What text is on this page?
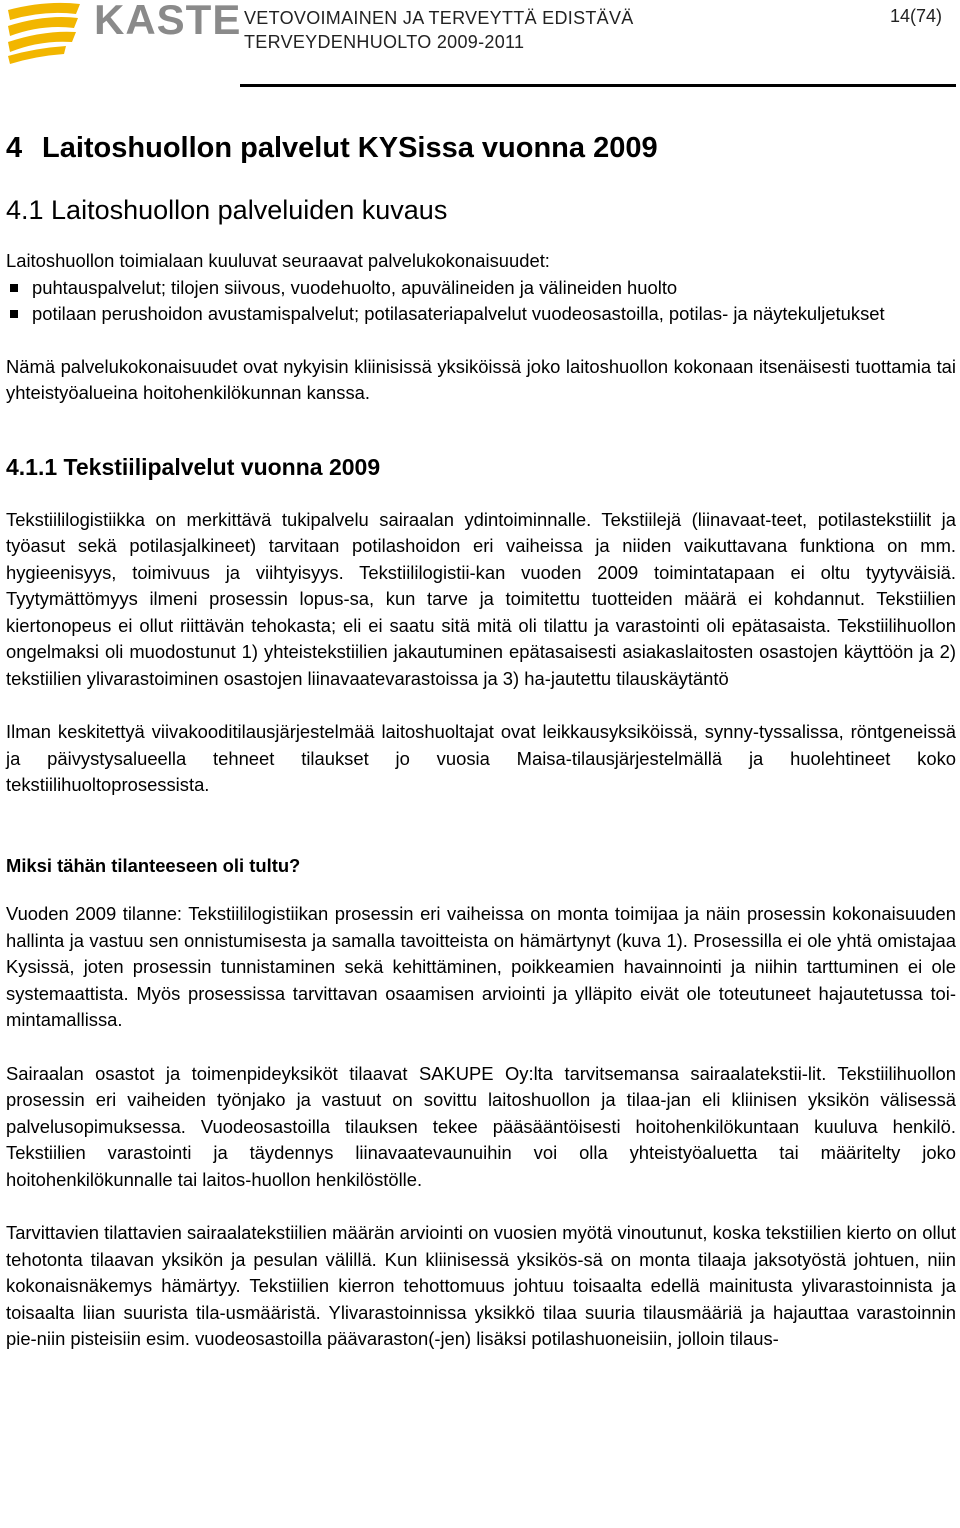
KASTE VETOVOIMAINEN JA TERVEYTTÄ EDISTÄVÄ
TERVEYDENHUOLTO 2009-2011
14(74)
4 Laitoshuollon palvelut KYSissa vuonna 2009
4.1 Laitoshuollon palveluiden kuvaus

Laitoshuollon toimialaan kuuluvat seuraavat palvelukokonaisuudet:

puhtauspalvelut; tilojen siivous, vuodehuolto, apuvälineiden ja välineiden huolto
potilaan perushoidon avustamispalvelut; potilasateriapalvelut vuodeosastoilla, potilas- ja näytekuljetukset

Nämä palvelukokonaisuudet ovat nykyisin kliinisissä yksiköissä joko laitoshuollon kokonaan itsenäisesti tuottamia tai yhteistyöalueina hoitohenkilökunnan kanssa.

4.1.1 Tekstiilipalvelut vuonna 2009

Tekstiililogistiikka on merkittävä tukipalvelu sairaalan ydintoiminnalle. Tekstiilejä (liinavaat-teet, potilastekstiilit ja työasut sekä potilasjalkineet) tarvitaan potilashoidon eri vaiheissa ja niiden vaikuttavana funktiona on mm. hygieenisyys, toimivuus ja viihtyisyys. Tekstiililogistii-kan vuoden 2009 toimintatapaan ei oltu tyytyväisiä. Tyytymättömyys ilmeni prosessin lopus-sa, kun tarve ja toimitettu tuotteiden määrä ei kohdannut. Tekstiilien kiertonopeus ei ollut riittävän tehokasta; eli ei saatu sitä mitä oli tilattu ja varastointi oli epätasaista. Tekstiilihuollon ongelmaksi oli muodostunut 1) yhteistekstiilien jakautuminen epätasaisesti asiakaslaitosten osastojen käyttöön ja 2) tekstiilien ylivarastoiminen osastojen liinavaatevarastoissa ja 3) ha-jautettu tilauskäytäntö

Ilman keskitettyä viivakooditilausjärjestelmää laitoshuoltajat ovat leikkausyksiköissä, synny-tyssalissa, röntgeneissä ja päivystysalueella tehneet tilaukset jo vuosia Maisa-tilausjärjestelmällä ja huolehtineet koko tekstiilihuoltoprosessista.

Miksi tähän tilanteeseen oli tultu?

Vuoden 2009 tilanne: Tekstiililogistiikan prosessin eri vaiheissa on monta toimijaa ja näin prosessin kokonaisuuden hallinta ja vastuu sen onnistumisesta ja samalla tavoitteista on hämärtynyt (kuva 1). Prosessilla ei ole yhtä omistajaa Kysissä, joten prosessin tunnistaminen sekä kehittäminen, poikkeamien havainnointi ja niihin tarttuminen ei ole systemaattista. Myös prosessissa tarvittavan osaamisen arviointi ja ylläpito eivät ole toteutuneet hajautetussa toi-mintamallissa.

Sairaalan osastot ja toimenpideyksiköt tilaavat SAKUPE Oy:lta tarvitsemansa sairaalatekstii-lit. Tekstiilihuollon prosessin eri vaiheiden työnjako ja vastuut on sovittu laitoshuollon ja tilaa-jan eli kliinisen yksikön välisessä palvelusopimuksessa. Vuodeosastoilla tilauksen tekee pääsääntöisesti hoitohenkilökuntaan kuuluva henkilö. Tekstiilien varastointi ja täydennys liinavaatevaunuihin voi olla yhteistyöaluetta tai määritelty joko hoitohenkilökunnalle tai laitos-huollon henkilöstölle.

Tarvittavien tilattavien sairaalatekstiilien määrän arviointi on vuosien myötä vinoutunut, koska tekstiilien kierto on ollut tehotonta tilaavan yksikön ja pesulan välillä. Kun kliinisessä yksikös-sä on monta tilaaja jaksotyöstä johtuen, niin kokonaisnäkemys hämärtyy. Tekstiilien kierron tehottomuus johtuu toisaalta edellä mainitusta ylivarastoinnista ja toisaalta liian suurista tila-usmääristä. Ylivarastoinnissa yksikkö tilaa suuria tilausmääriä ja hajauttaa varastoinnin pie-niin pisteisiin esim. vuodeosastoilla päävaraston(-jen) lisäksi potilashuoneisiin, jolloin tilaus-
